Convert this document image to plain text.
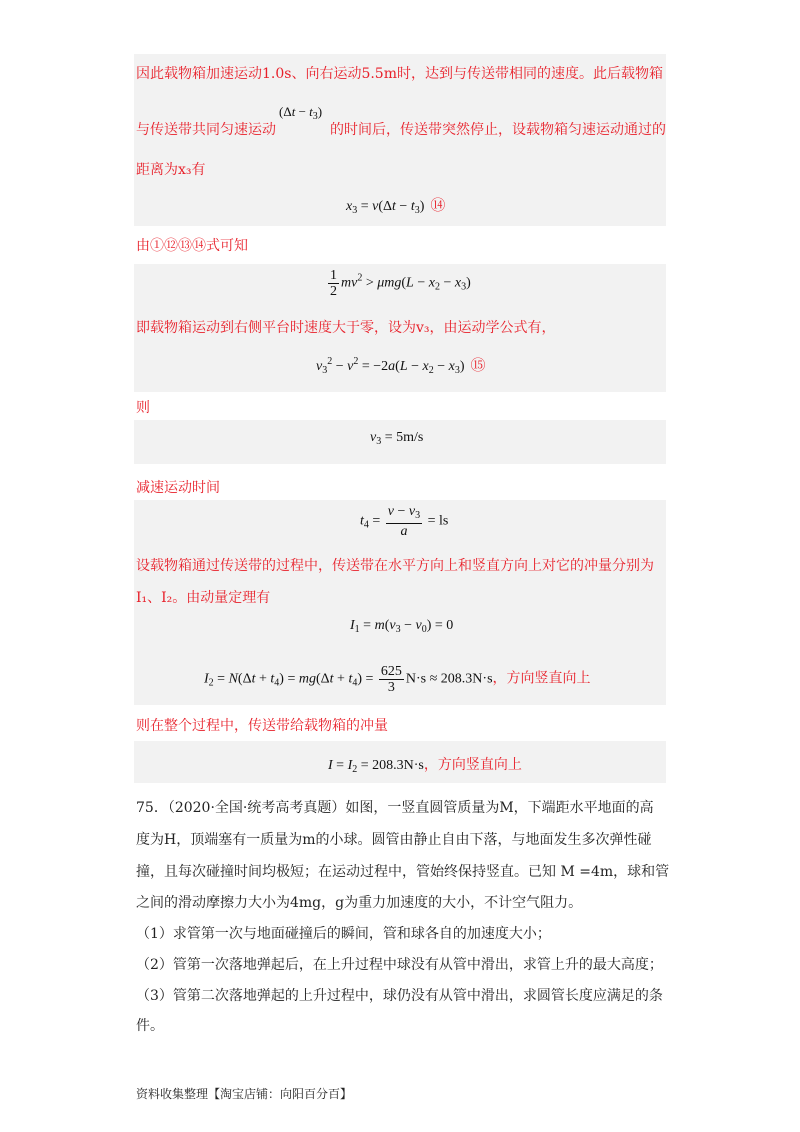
因此载物箱加速运动1.0s、向右运动5.5m时，达到与传送带相同的速度。此后载物箱
与传送带共同匀速运动
$(\Delta t - t_3)$
的时间后，传送带突然停止，设载物箱匀速运动通过的
距离为x₃有
$x_3 = v(\Delta t - t_3)$ ⑭
由①⑫⑬⑭式可知
$\frac{1}{2} mv^2 > \mu mg(L - x_2 - x_3)$
即载物箱运动到右侧平台时速度大于零，设为v₃，由运动学公式有，
$v_3^2 - v^2 = -2a(L - x_2 - x_3)$ ⑮
则
$v_3 = 5m/s$
减速运动时间
$t_4 = \frac{v - v_3}{a}$ = ls
设载物箱通过传送带的过程中，传送带在水平方向上和竖直方向上对它的冲量分别为
I₁、I₂。由动量定理有
$I_1 = m(v_3 - v_0) = 0$
$I_2 = N(\Delta t + t_4) = mg(\Delta t + t_4) = \frac{625}{3} N\cdot s \approx 208.3N\cdot s$，方向竖直向上
则在整个过程中，传送带给载物箱的冲量
$I = I_2 = 208.3N\cdot s$，方向竖直向上
75．（2020·全国·统考高考真题）如图，一竖直圆管质量为M，下端距水平地面的高
度为H，顶端塞有一质量为m的小球。圆管由静止自由下落，与地面发生多次弹性碰
撞，且每次碰撞时间均极短；在运动过程中，管始终保持竖直。已知 M =4m，球和管
之间的滑动摩擦力大小为4mg，g为重力加速度的大小，不计空气阻力。
（1）求管第一次与地面碰撞后的瞬间，管和球各自的加速度大小；
（2）管第一次落地弹起后，在上升过程中球没有从管中滑出，求管上升的最大高度；
（3）管第二次落地弹起的上升过程中，球仍没有从管中滑出，求圆管长度应满足的条
件。
资料收集整理【淘宝店铺：向阳百分百】
